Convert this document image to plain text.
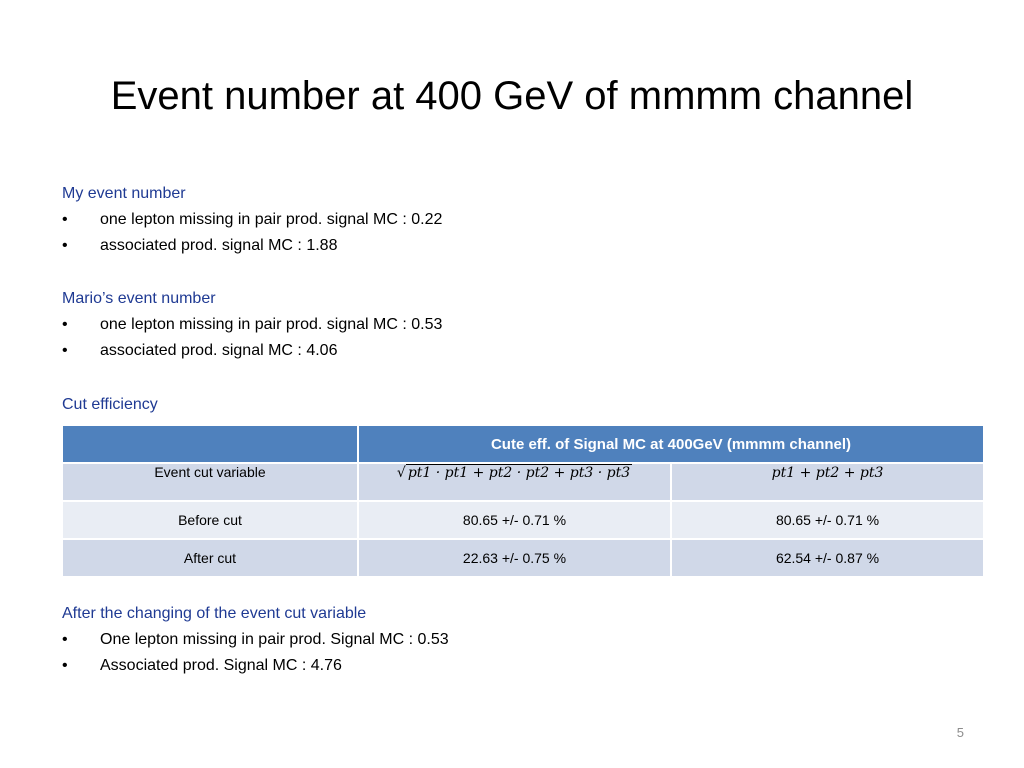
Event number at 400 GeV of mmmm channel
My event number
• one lepton missing in pair prod. signal MC : 0.22
• associated prod. signal MC : 1.88
Mario’s event number
• one lepton missing in pair prod. signal MC : 0.53
• associated prod. signal MC : 4.06
Cut efficiency
	Cute eff. of Signal MC at 400GeV (mmmm channel)	
Event cut variable	√ pt1 · pt1 + pt2 · pt2 + pt3 · pt3	pt1 + pt2 + pt3
Before cut	80.65 +/- 0.71 %	80.65 +/- 0.71 %
After cut	22.63 +/- 0.75 %	62.54 +/- 0.87 %
After the changing of the event cut variable
• One lepton missing in pair prod. Signal MC : 0.53
• Associated prod. Signal MC : 4.76
5
